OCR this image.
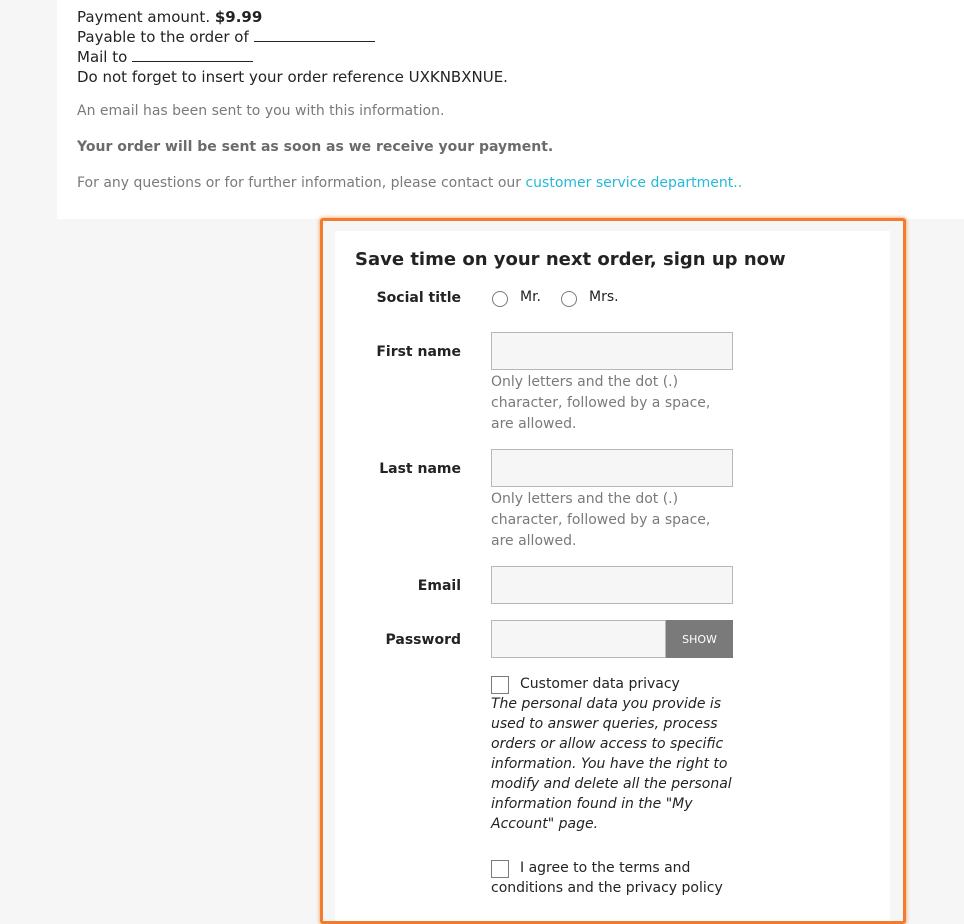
Payment amount. $9.99
Payable to the order of
Mail to
Do not forget to insert your order reference UXKNBXNUE.
An email has been sent to you with this information.
Your order will be sent as soon as we receive your payment.
For any questions or for further information, please contact our customer service department..
Save time on your next order, sign up now
Social title	Mr.	Mrs.
First name
Only letters and the dot (.) character, followed by a space, are allowed.
Last name
Only letters and the dot (.) character, followed by a space, are allowed.
Email
Password	SHOW
Customer data privacy
The personal data you provide is used to answer queries, process orders or allow access to specific information. You have the right to modify and delete all the personal information found in the "My Account" page.
I agree to the terms and conditions and the privacy policy
